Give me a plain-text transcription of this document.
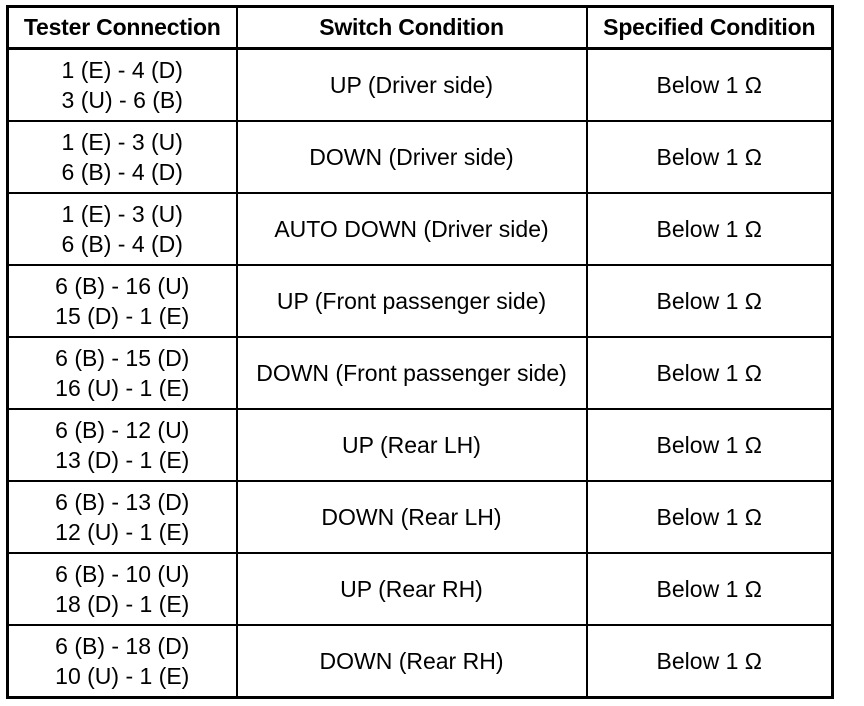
Tester Connection	Switch Condition	Specified Condition

1 (E) - 4 (D)
3 (U) - 6 (B)	UP (Driver side)	Below 1 Ω

1 (E) - 3 (U)
6 (B) - 4 (D)	DOWN (Driver side)	Below 1 Ω

1 (E) - 3 (U)
6 (B) - 4 (D)	AUTO DOWN (Driver side)	Below 1 Ω

6 (B) - 16 (U)
15 (D) - 1 (E)	UP (Front passenger side)	Below 1 Ω

6 (B) - 15 (D)
16 (U) - 1 (E)	DOWN (Front passenger side)	Below 1 Ω

6 (B) - 12 (U)
13 (D) - 1 (E)	UP (Rear LH)	Below 1 Ω

6 (B) - 13 (D)
12 (U) - 1 (E)	DOWN (Rear LH)	Below 1 Ω

6 (B) - 10 (U)
18 (D) - 1 (E)	UP (Rear RH)	Below 1 Ω

6 (B) - 18 (D)
10 (U) - 1 (E)	DOWN (Rear RH)	Below 1 Ω
